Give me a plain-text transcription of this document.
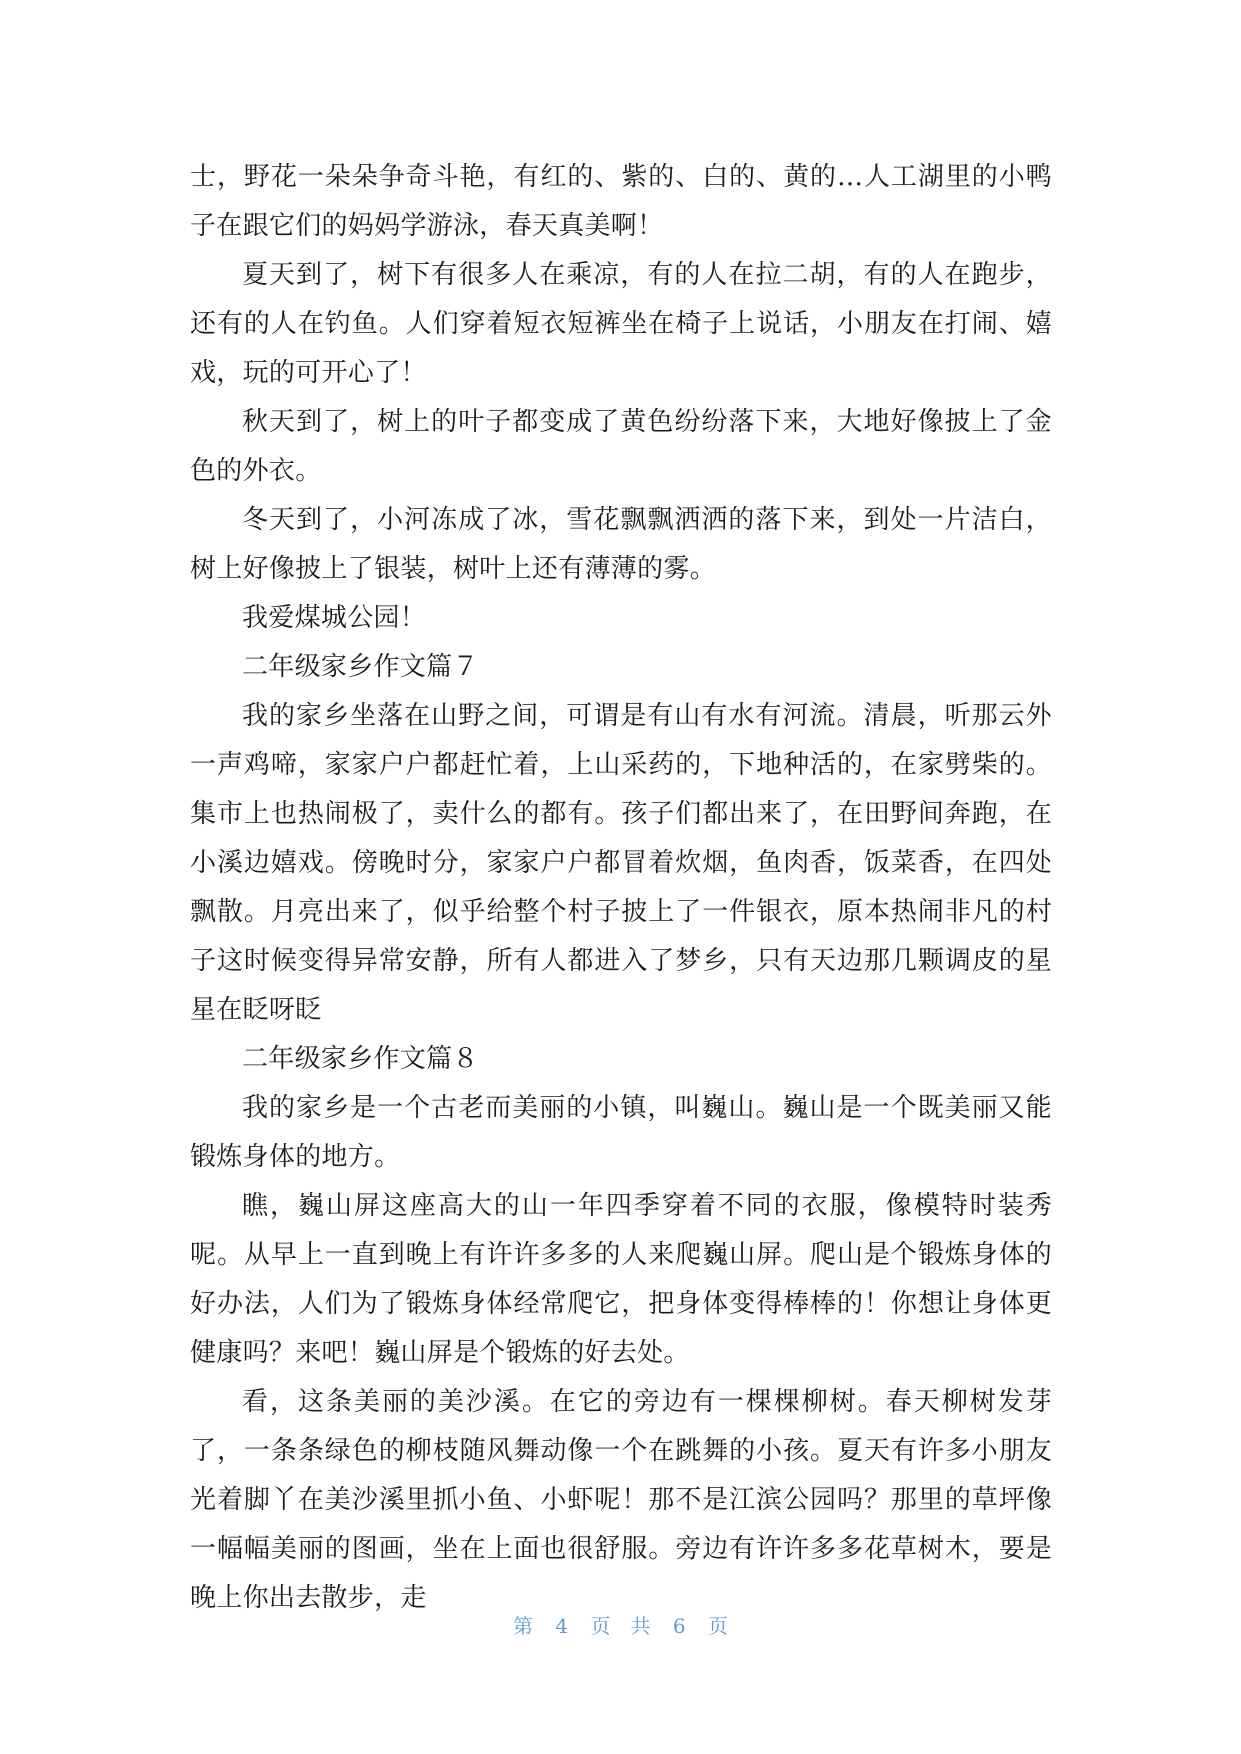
士，野花一朵朵争奇斗艳，有红的、紫的、白的、黄的…人工湖里的小鸭子在跟它们的妈妈学游泳，春天真美啊！

夏天到了，树下有很多人在乘凉，有的人在拉二胡，有的人在跑步，还有的人在钓鱼。人们穿着短衣短裤坐在椅子上说话，小朋友在打闹、嬉戏，玩的可开心了！

秋天到了，树上的叶子都变成了黄色纷纷落下来，大地好像披上了金色的外衣。

冬天到了，小河冻成了冰，雪花飘飘洒洒的落下来，到处一片洁白，树上好像披上了银装，树叶上还有薄薄的雾。

我爱煤城公园！

二年级家乡作文篇７

我的家乡坐落在山野之间，可谓是有山有水有河流。清晨，听那云外一声鸡啼，家家户户都赶忙着，上山采药的，下地种活的，在家劈柴的。集市上也热闹极了，卖什么的都有。孩子们都出来了，在田野间奔跑，在小溪边嬉戏。傍晚时分，家家户户都冒着炊烟，鱼肉香，饭菜香，在四处飘散。月亮出来了，似乎给整个村子披上了一件银衣，原本热闹非凡的村子这时候变得异常安静，所有人都进入了梦乡，只有天边那几颗调皮的星星在眨呀眨

二年级家乡作文篇８

我的家乡是一个古老而美丽的小镇，叫巍山。巍山是一个既美丽又能锻炼身体的地方。

瞧，巍山屏这座高大的山一年四季穿着不同的衣服，像模特时装秀呢。从早上一直到晚上有许许多多的人来爬巍山屏。爬山是个锻炼身体的好办法，人们为了锻炼身体经常爬它，把身体变得棒棒的！你想让身体更健康吗？来吧！巍山屏是个锻炼的好去处。

看，这条美丽的美沙溪。在它的旁边有一棵棵柳树。春天柳树发芽了，一条条绿色的柳枝随风舞动像一个在跳舞的小孩。夏天有许多小朋友光着脚丫在美沙溪里抓小鱼、小虾呢！那不是江滨公园吗？那里的草坪像一幅幅美丽的图画，坐在上面也很舒服。旁边有许许多多花草树木，要是晚上你出去散步，走

第 4 页 共 6 页
